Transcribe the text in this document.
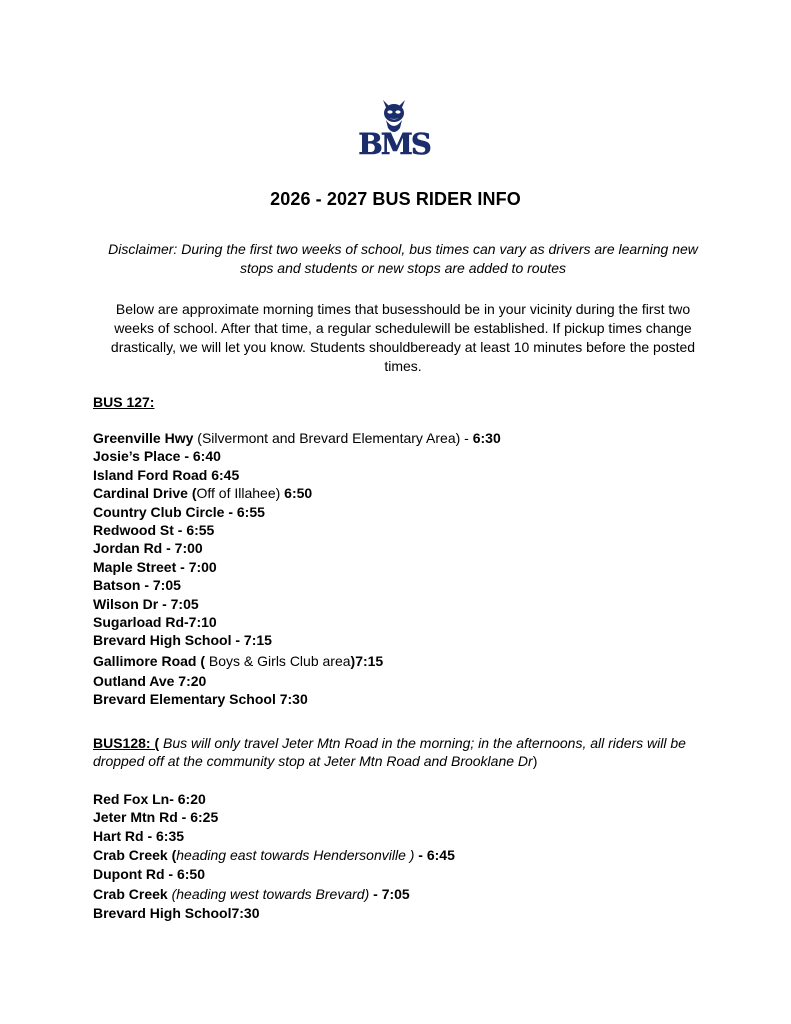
BMS
2026 - 2027 BUS RIDER INFO
Disclaimer: During the first two weeks of school, bus times can vary as drivers are learning new stops and students or new stops are added to routes
Below are approximate morning times that busesshould be in your vicinity during the first two weeks of school. After that time, a regular schedulewill be established. If pickup times change drastically, we will let you know. Students shouldbeready at least 10 minutes before the posted times.
BUS 127:
Greenville Hwy (Silvermont and Brevard Elementary Area) - 6:30
Josie’s Place - 6:40
Island Ford Road 6:45
Cardinal Drive (Off of Illahee) 6:50
Country Club Circle - 6:55
Redwood St - 6:55
Jordan Rd - 7:00
Maple Street - 7:00
Batson - 7:05
Wilson Dr - 7:05
Sugarload Rd-7:10
Brevard High School - 7:15
Gallimore Road ( Boys & Girls Club area)7:15
Outland Ave 7:20
Brevard Elementary School 7:30
BUS128: ( Bus will only travel Jeter Mtn Road in the morning; in the afternoons, all riders will be dropped off at the community stop at Jeter Mtn Road and Brooklane Dr)
Red Fox Ln- 6:20
Jeter Mtn Rd - 6:25
Hart Rd - 6:35
Crab Creek (heading east towards Hendersonville ) - 6:45
Dupont Rd - 6:50
Crab Creek (heading west towards Brevard) - 7:05
Brevard High School7:30
